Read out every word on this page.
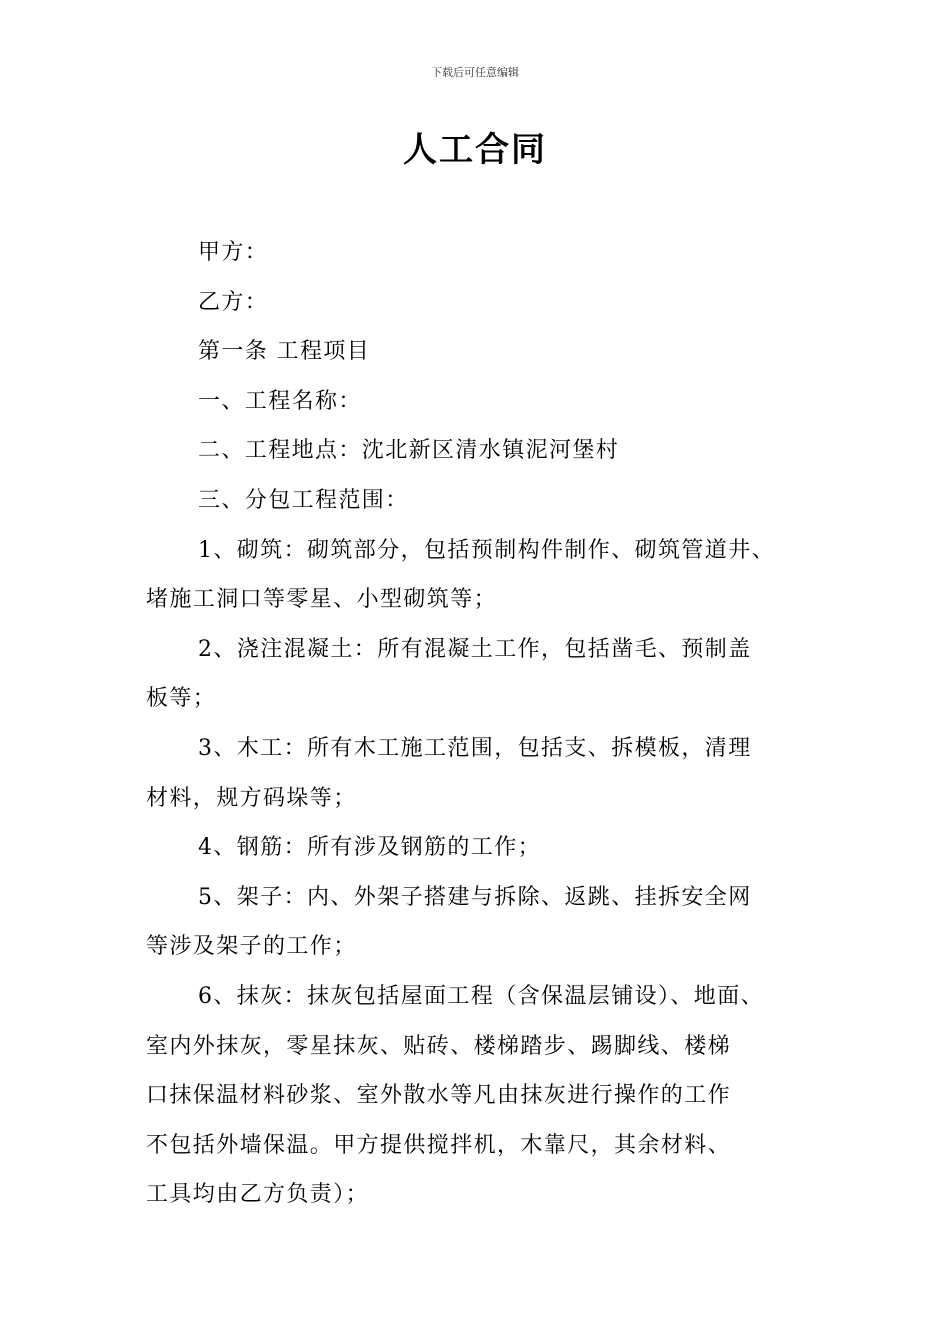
下载后可任意编辑
人工合同

甲方：

乙方：

第一条 工程项目

一、工程名称：

二、工程地点：沈北新区清水镇泥河堡村

三、分包工程范围：

1、砌筑：砌筑部分，包括预制构件制作、砌筑管道井、
堵施工洞口等零星、小型砌筑等；

2、浇注混凝土：所有混凝土工作，包括凿毛、预制盖
板等；

3、木工：所有木工施工范围，包括支、拆模板，清理
材料，规方码垛等；

4、钢筋：所有涉及钢筋的工作；

5、架子：内、外架子搭建与拆除、返跳、挂拆安全网
等涉及架子的工作；

6、抹灰：抹灰包括屋面工程（含保温层铺设）、地面、
室内外抹灰，零星抹灰、贴砖、楼梯踏步、踢脚线、楼梯
口抹保温材料砂浆、室外散水等凡由抹灰进行操作的工作
不包括外墙保温。甲方提供搅拌机，木靠尺，其余材料、
工具均由乙方负责）；
